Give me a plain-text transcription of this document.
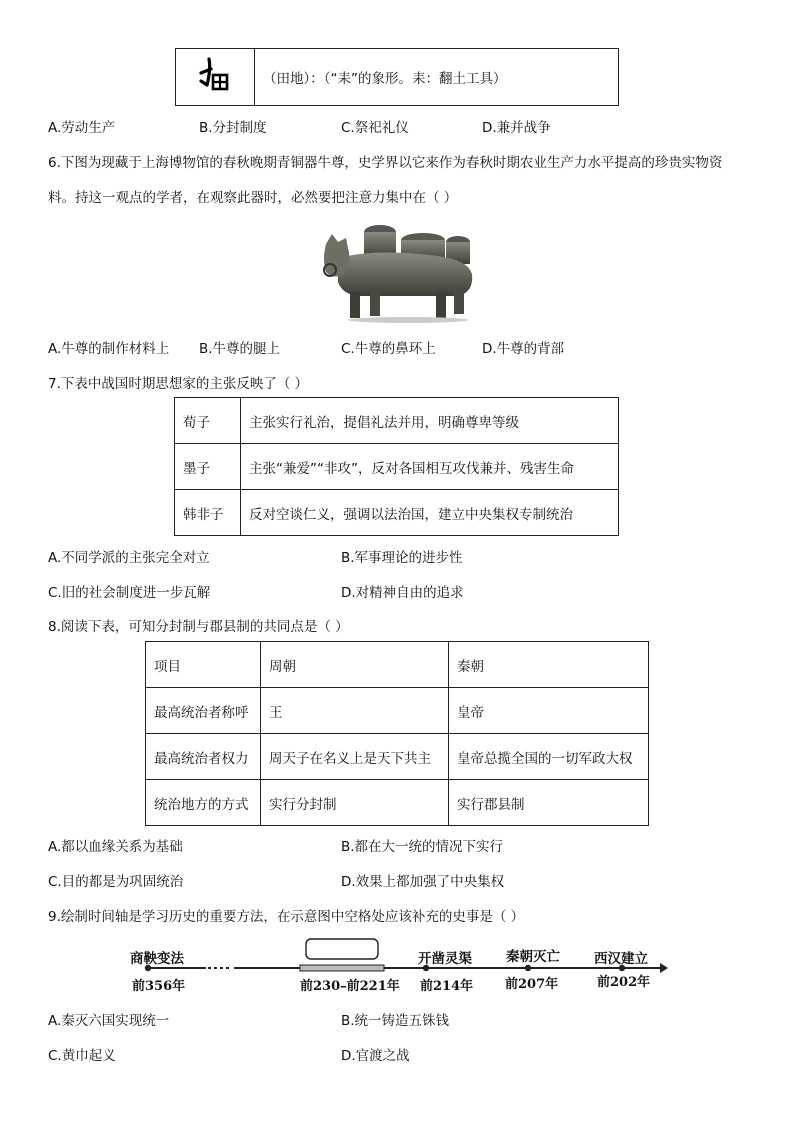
	（田地）：（“耒”的象形。耒：翻土工具）
A.劳动生产	B.分封制度	C.祭祀礼仪	D.兼并战争
6.下图为现藏于上海博物馆的春秋晚期青铜器牛尊，史学界以它来作为春秋时期农业生产力水平提高的珍贵实物资
料。持这一观点的学者，在观察此器时，必然要把注意力集中在（ ）
A.牛尊的制作材料上 B.牛尊的腿上	C.牛尊的鼻环上	D.牛尊的背部
7.下表中战国时期思想家的主张反映了（ ）
荀子	主张实行礼治，提倡礼法并用，明确尊卑等级
墨子	主张“兼爱”“非攻”，反对各国相互攻伐兼并、残害生命
韩非子	反对空谈仁义，强调以法治国，建立中央集权专制统治
A.不同学派的主张完全对立	B.军事理论的进步性
C.旧的社会制度进一步瓦解	D.对精神自由的追求
8.阅读下表，可知分封制与郡县制的共同点是（ ）
项目	周朝	秦朝
最高统治者称呼	王	皇帝
最高统治者权力	周天子在名义上是天下共主	皇帝总揽全国的一切军政大权
统治地方的方式	实行分封制	实行郡县制
A.都以血缘关系为基础	B.都在大一统的情况下实行
C.目的都是为巩固统治	D.效果上都加强了中央集权
9.绘制时间轴是学习历史的重要方法，在示意图中空格处应该补充的史事是（ ）
商鞅变法	开凿灵渠	秦朝灭亡	西汉建立
前356年	前230–前221年 前214年 前207年	前202年
A.秦灭六国实现统一	B.统一铸造五铢钱
C.黄巾起义	D.官渡之战
